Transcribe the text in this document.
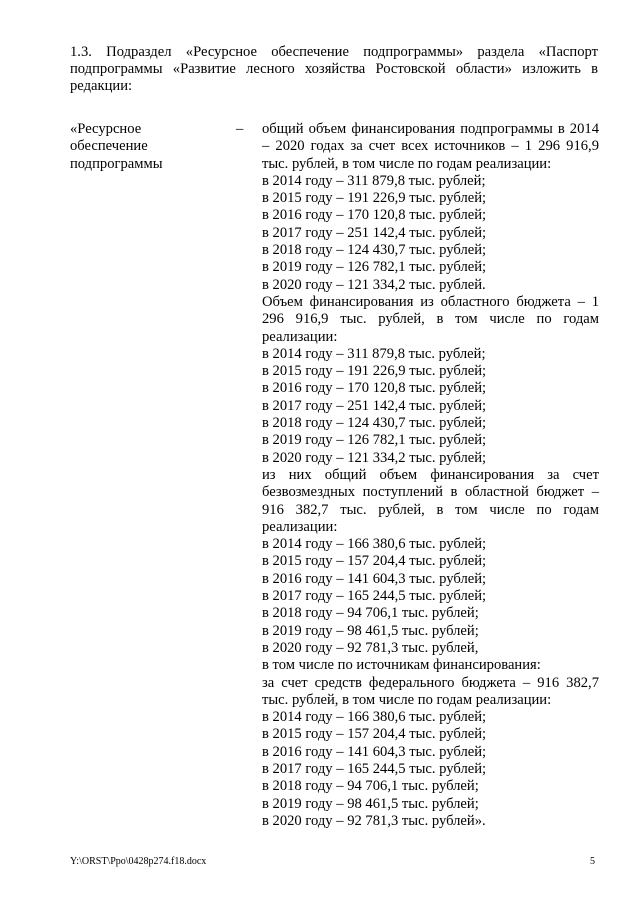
1.3. Подраздел «Ресурсное обеспечение подпрограммы» раздела «Паспорт подпрограммы «Развитие лесного хозяйства Ростовской области» изложить в редакции:

«Ресурсное
обеспечение
подпрограммы
– общий объем финансирования подпрограммы в 2014 – 2020 годах за счет всех источников – 1 296 916,9 тыс. рублей, в том числе по годам реализации:

в 2014 году – 311 879,8 тыс. рублей;
в 2015 году – 191 226,9 тыс. рублей;
в 2016 году – 170 120,8 тыс. рублей;
в 2017 году – 251 142,4 тыс. рублей;
в 2018 году – 124 430,7 тыс. рублей;
в 2019 году – 126 782,1 тыс. рублей;
в 2020 году – 121 334,2 тыс. рублей.

Объем финансирования из областного бюджета – 1 296 916,9 тыс. рублей, в том числе по годам реализации:

в 2014 году – 311 879,8 тыс. рублей;
в 2015 году – 191 226,9 тыс. рублей;
в 2016 году – 170 120,8 тыс. рублей;
в 2017 году – 251 142,4 тыс. рублей;
в 2018 году – 124 430,7 тыс. рублей;
в 2019 году – 126 782,1 тыс. рублей;
в 2020 году – 121 334,2 тыс. рублей;

из них общий объем финансирования за счет безвозмездных поступлений в областной бюджет – 916 382,7 тыс. рублей, в том числе по годам реализации:

в 2014 году – 166 380,6 тыс. рублей;
в 2015 году – 157 204,4 тыс. рублей;
в 2016 году – 141 604,3 тыс. рублей;
в 2017 году – 165 244,5 тыс. рублей;
в 2018 году – 94 706,1 тыс. рублей;
в 2019 году – 98 461,5 тыс. рублей;
в 2020 году – 92 781,3 тыс. рублей,

в том числе по источникам финансирования:

за счет средств федерального бюджета – 916 382,7 тыс. рублей, в том числе по годам реализации:

в 2014 году – 166 380,6 тыс. рублей;
в 2015 году – 157 204,4 тыс. рублей;
в 2016 году – 141 604,3 тыс. рублей;
в 2017 году – 165 244,5 тыс. рублей;
в 2018 году – 94 706,1 тыс. рублей;
в 2019 году – 98 461,5 тыс. рублей;
в 2020 году – 92 781,3 тыс. рублей».
Y:\ORST\Ppo\0428p274.f18.docx	5
